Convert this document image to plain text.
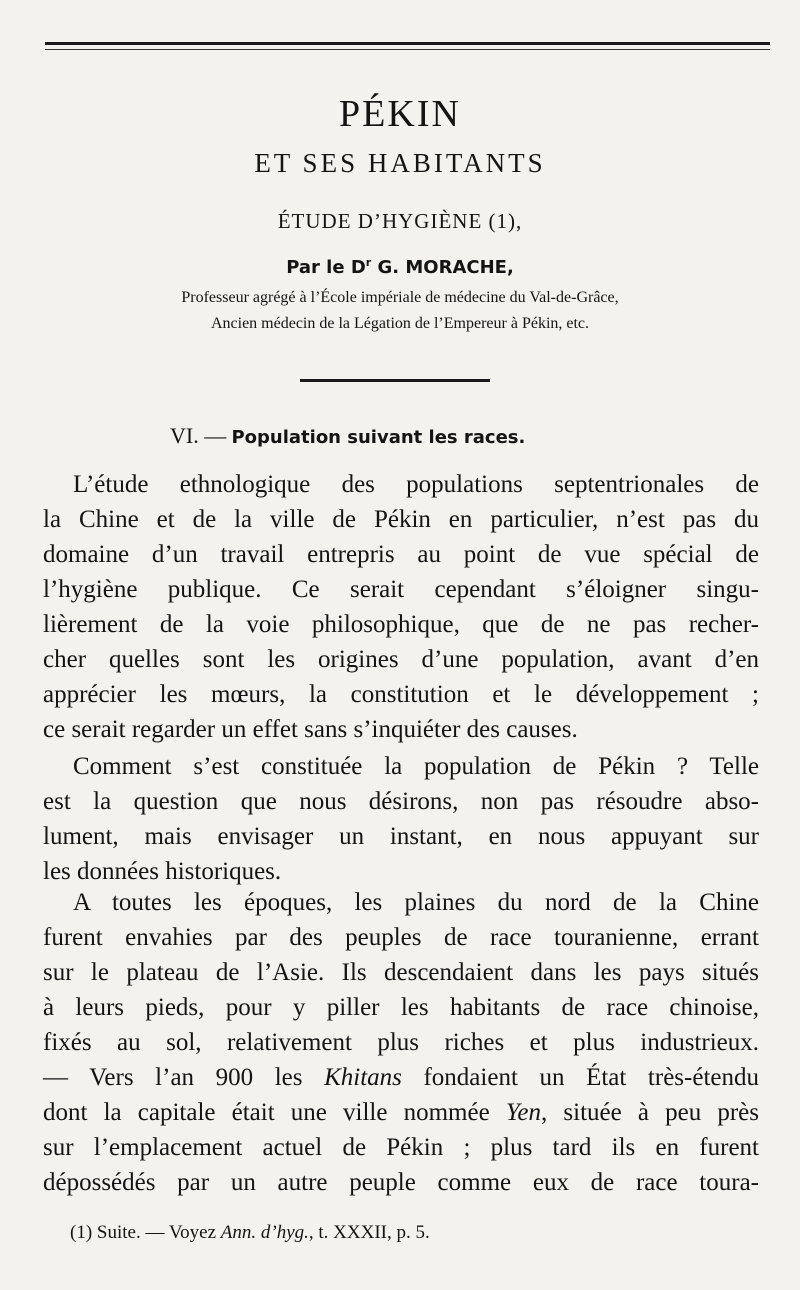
PÉKIN
ET SES HABITANTS
ÉTUDE D’HYGIÈNE (1),
Par le $D^r$ G. MORACHE,
Professeur agrégé à l’École impériale de médecine du Val-de-Grâce,
Ancien médecin de la Légation de l’Empereur à Pékin, etc.
VI. — Population suivant les races.
L’étude ethnologique des populations septentrionales de
la Chine et de la ville de Pékin en particulier, n’est pas du
domaine d’un travail entrepris au point de vue spécial de
l’hygiène publique. Ce serait cependant s’éloigner singu-
lièrement de la voie philosophique, que de ne pas recher-
cher quelles sont les origines d’une population, avant d’en
apprécier les mœurs, la constitution et le développement ;
ce serait regarder un effet sans s’inquiéter des causes.
Comment s’est constituée la population de Pékin ? Telle
est la question que nous désirons, non pas résoudre abso-
lument, mais envisager un instant, en nous appuyant sur
les données historiques.
A toutes les époques, les plaines du nord de la Chine
furent envahies par des peuples de race touranienne, errant
sur le plateau de l’Asie. Ils descendaient dans les pays situés
à leurs pieds, pour y piller les habitants de race chinoise,
fixés au sol, relativement plus riches et plus industrieux.
— Vers l’an 900 les Khitans fondaient un État très-étendu
dont la capitale était une ville nommée Yen, située à peu près
sur l’emplacement actuel de Pékin ; plus tard ils en furent
dépossédés par un autre peuple comme eux de race toura-
(1) Suite. — Voyez Ann. d’hyg., t. XXXII, p. 5.
